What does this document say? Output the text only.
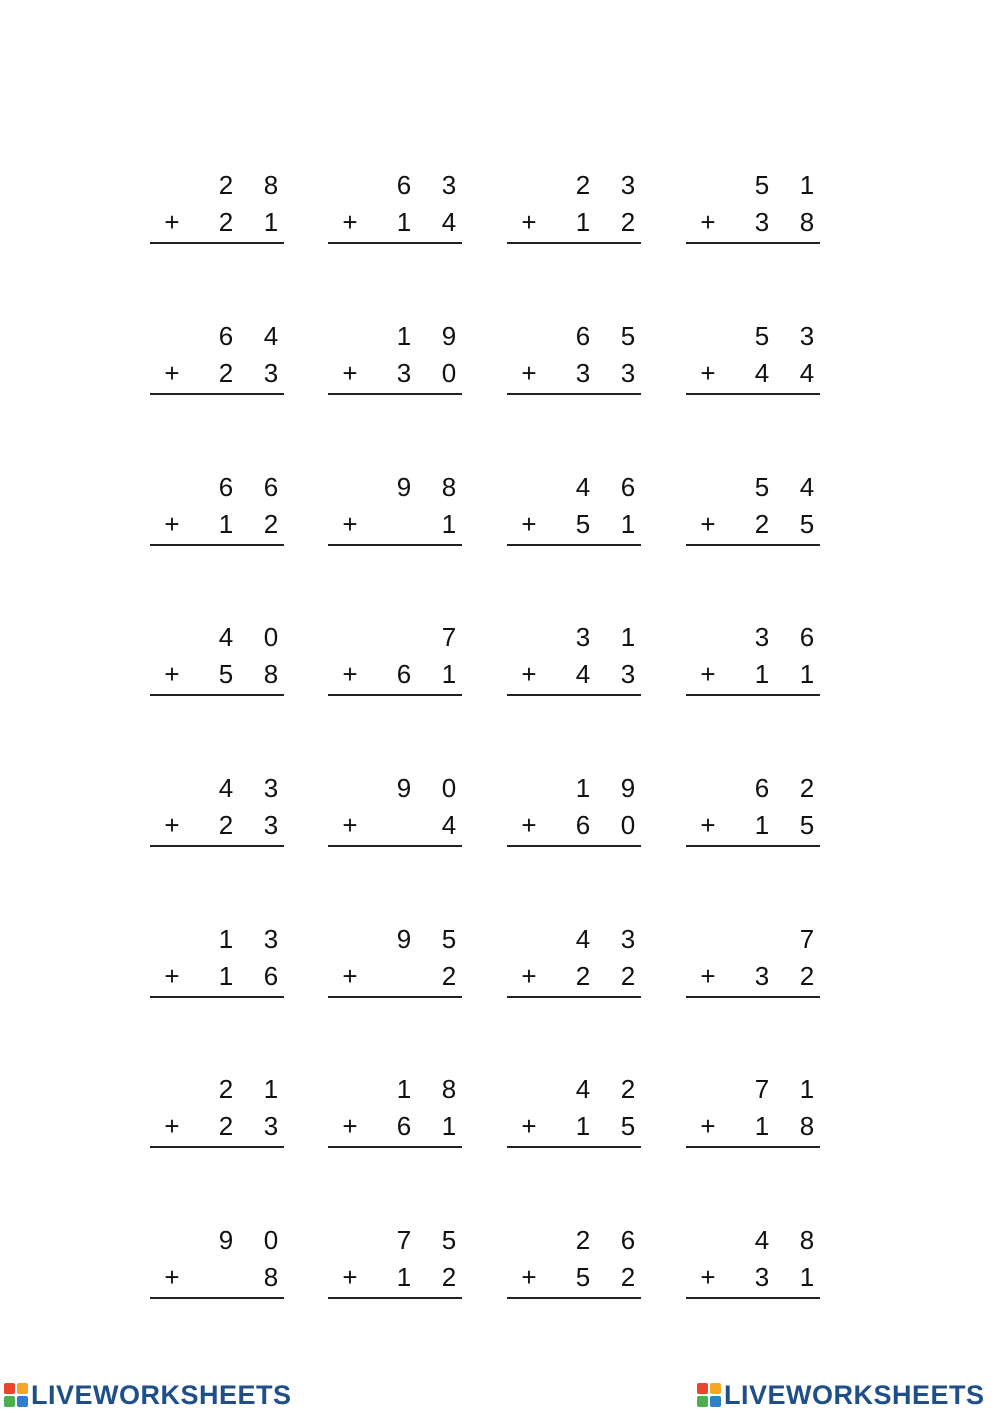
2 8
+ 2 1
6 3
+ 1 4
2 3
+ 1 2
5 1
+ 3 8
6 4
+ 2 3
1 9
+ 3 0
6 5
+ 3 3
5 3
+ 4 4
6 6
+ 1 2
9 8
+	1
4 6
+ 5 1
5 4
+ 2 5
4 0
+ 5 8
7
+ 6 1
3 1
+ 4 3
3 6
+ 1 1
4 3
+ 2 3
9 0
+	4
1 9
+ 6 0
6 2
+ 1 5
1 3
+ 1 6
9 5
+	2
4 3
+ 2 2
7
+ 3 2
2 1
+ 2 3
1 8
+ 6 1
4 2
+ 1 5
7 1
+ 1 8
9 0
+	8
7 5
+ 1 2
2 6
+ 5 2
4 8
+ 3 1
LIVEWORKSHEETS	LIVEWORKSHEETS
